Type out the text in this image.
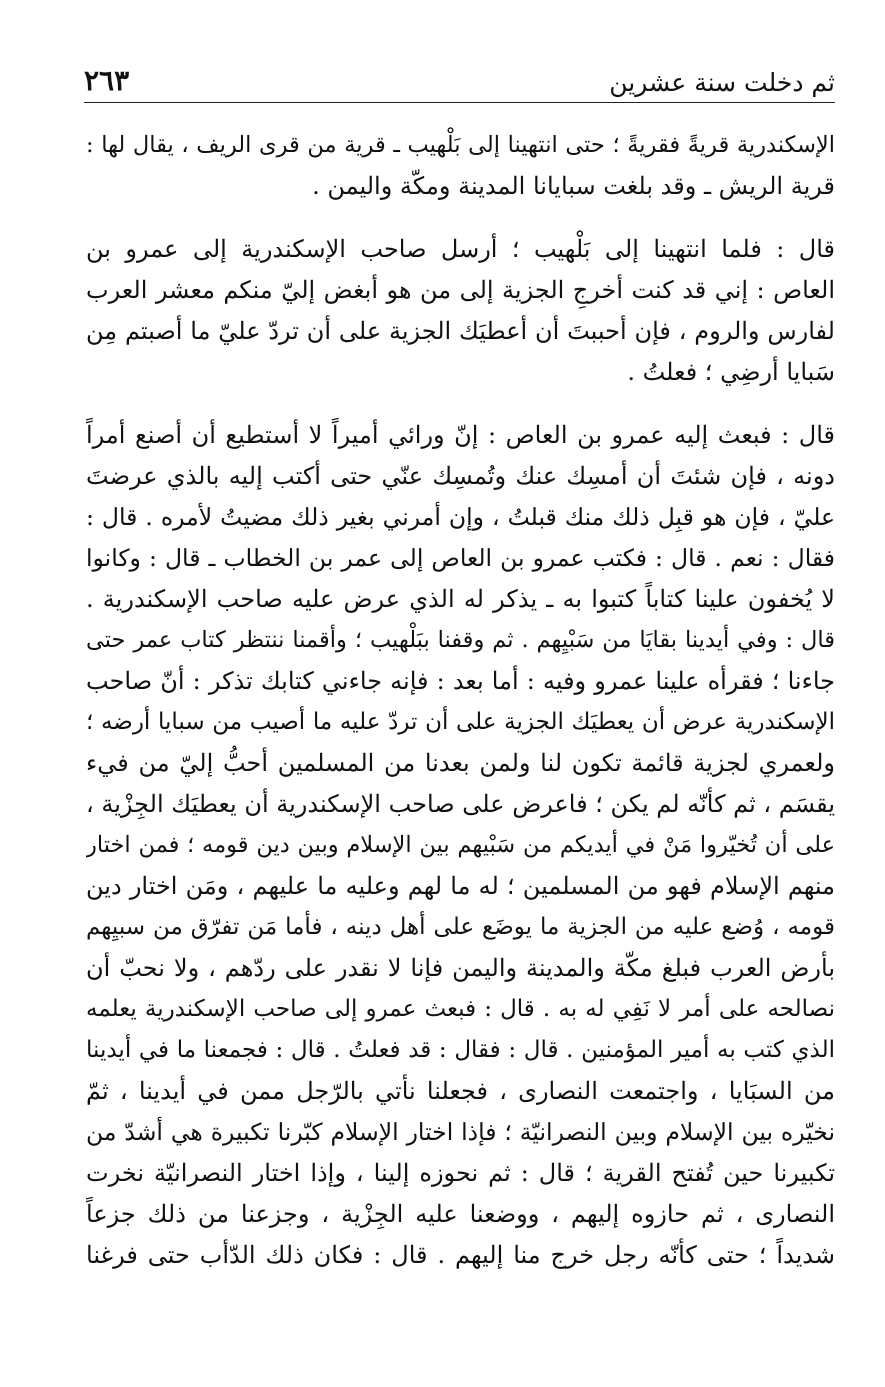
ثم دخلت سنة عشرين
٢٦٣
الإسكندرية قريةً فقريةً ؛ حتى انتهينا إلى بَلْهيب ـ قرية من قرى الريف ، يقال لها :
قرية الريش ـ وقد بلغت سبايانا المدينة ومكّة واليمن .
قال : فلما انتهينا إلى بَلْهيب ؛ أرسل صاحب الإسكندرية إلى عمرو بن
العاص : إني قد كنت أخرجِ الجزية إلى من هو أبغض إليّ منكم معشر العرب
لفارس والروم ، فإن أحببتَ أن أعطيَك الجزية على أن تردّ عليّ ما أصبتم مِن
سَبايا أرضِي ؛ فعلتُ .
قال : فبعث إليه عمرو بن العاص : إنّ ورائي أميراً لا أستطيع أن أصنع أمراً
دونه ، فإن شئتَ أن أمسِك عنك وتُمسِك عنّي حتى أكتب إليه بالذي عرضتَ
عليّ ، فإن هو قبِل ذلك منك قبلتُ ، وإن أمرني بغير ذلك مضيتُ لأمره . قال :
فقال : نعم . قال : فكتب عمرو بن العاص إلى عمر بن الخطاب ـ قال : وكانوا
لا يُخفون علينا كتاباً كتبوا به ـ يذكر له الذي عرض عليه صاحب الإسكندرية .
قال : وفي أيدينا بقايَا من سَبْيِهم . ثم وقفنا ببَلْهيب ؛ وأقمنا ننتظر كتاب عمر حتى
جاءنا ؛ فقرأه علينا عمرو وفيه : أما بعد : فإنه جاءني كتابك تذكر : أنّ صاحب
الإسكندرية عرض أن يعطيَك الجزية على أن تردّ عليه ما أصيب من سبايا أرضه ؛
ولعمري لجزية قائمة تكون لنا ولمن بعدنا من المسلمين أحبُّ إليّ من فيء
يقسَم ، ثم كأنّه لم يكن ؛ فاعرض على صاحب الإسكندرية أن يعطيَك الجِزْية ،
على أن تُخيّروا مَنْ في أيديكم من سَبْيهم بين الإسلام وبين دين قومه ؛ فمن اختار
منهم الإسلام فهو من المسلمين ؛ له ما لهم وعليه ما عليهم ، ومَن اختار دين
قومه ، وُضع عليه من الجزية ما يوضَع على أهل دينه ، فأما مَن تفرّق من سبيِهم
بأرض العرب فبلغ مكّة والمدينة واليمن فإنا لا نقدر على ردّهم ، ولا نحبّ أن
نصالحه على أمر لا نَفِي له به . قال : فبعث عمرو إلى صاحب الإسكندرية يعلمه
الذي كتب به أمير المؤمنين . قال : فقال : قد فعلتُ . قال : فجمعنا ما في أيدينا
من السبَايا ، واجتمعت النصارى ، فجعلنا نأتي بالرّجل ممن في أيدينا ، ثمّ
نخيّره بين الإسلام وبين النصرانيّة ؛ فإذا اختار الإسلام كبّرنا تكبيرة هي أشدّ من
تكبيرنا حين تُفتح القرية ؛ قال : ثم نحوزه إلينا ، وإذا اختار النصرانيّة نخرت
النصارى ، ثم حازوه إليهم ، ووضعنا عليه الجِزْية ، وجزعنا من ذلك جزعاً
شديداً ؛ حتى كأنّه رجل خرج منا إليهم . قال : فكان ذلك الدّأب حتى فرغنا
